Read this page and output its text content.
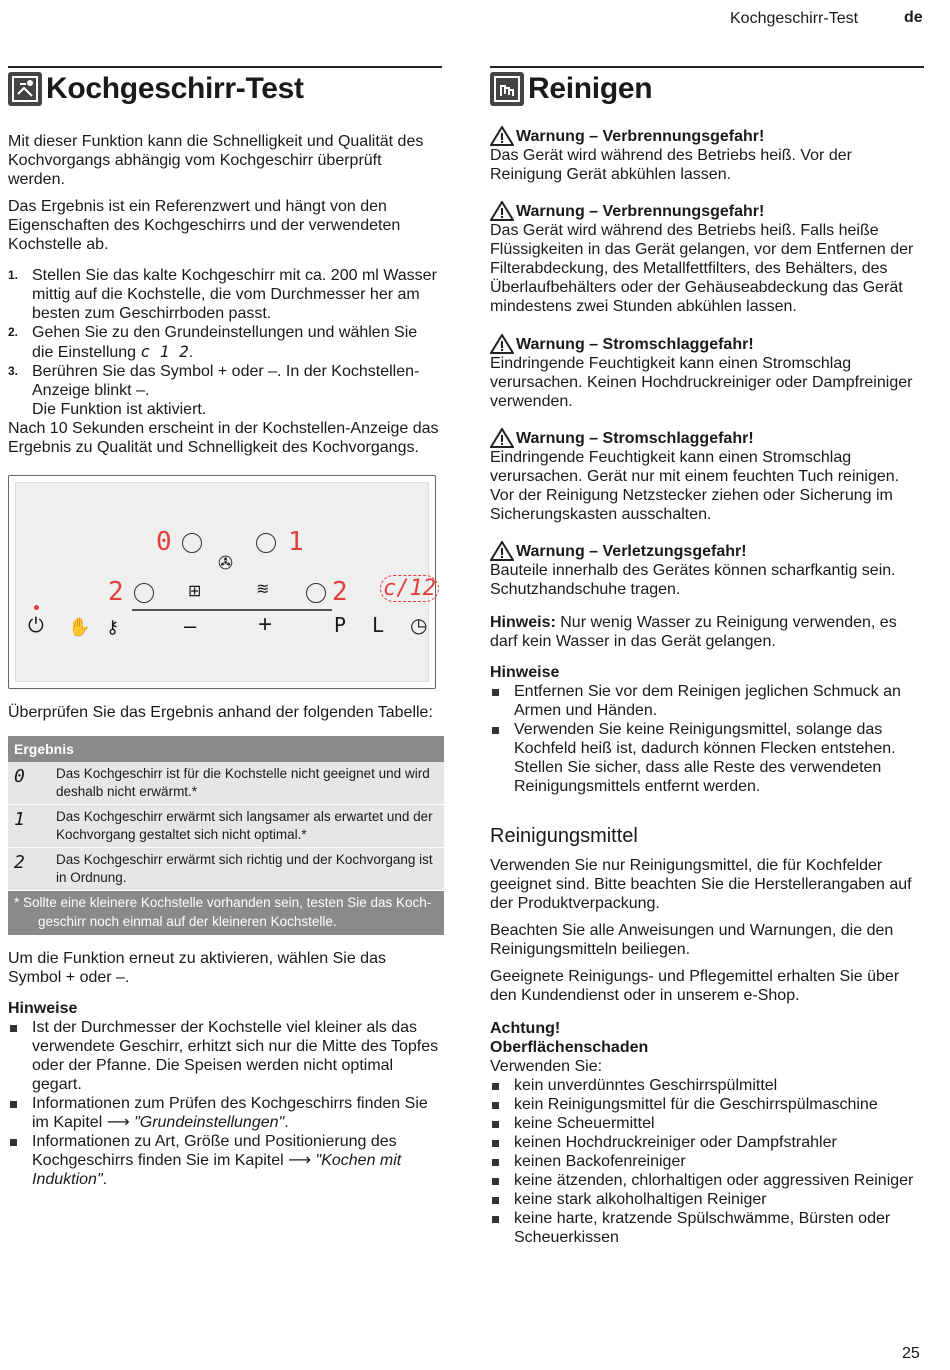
Kochgeschirr-Test	de
Kochgeschirr-Test

Mit dieser Funktion kann die Schnelligkeit und Qualität des Kochvorgangs abhängig vom Kochgeschirr überprüft werden.

Das Ergebnis ist ein Referenzwert und hängt von den Eigenschaften des Kochgeschirrs und der verwendeten Kochstelle ab.

1. Stellen Sie das kalte Kochgeschirr mit ca. 200 ml Wasser mittig auf die Kochstelle, die vom Durchmesser her am besten zum Geschirrboden passt.
2. Gehen Sie zu den Grundeinstellungen und wählen Sie die Einstellung c 1 2.
3. Berühren Sie das Symbol + oder –. In der Kochstellen-Anzeige blinkt –.
Die Funktion ist aktiviert.

Nach 10 Sekunden erscheint in der Kochstellen-Anzeige das Ergebnis zu Qualität und Schnelligkeit des Kochvorgangs.

0
✇
1
2	⊞	≋ 2 c/12
⏻ ✋ ⚷	–	+	P L ◷

Überprüfen Sie das Ergebnis anhand der folgenden Tabelle:

Ergebnis
0	Das Kochgeschirr ist für die Kochstelle nicht geeignet und wird deshalb nicht erwärmt.*
1	Das Kochgeschirr erwärmt sich langsamer als erwartet und der Kochvorgang gestaltet sich nicht optimal.*
2	Das Kochgeschirr erwärmt sich richtig und der Kochvorgang ist in Ordnung.
* Sollte eine kleinere Kochstelle vorhanden sein, testen Sie das Koch-
geschirr noch einmal auf der kleineren Kochstelle.

Um die Funktion erneut zu aktivieren, wählen Sie das Symbol + oder –.

Hinweise
Ist der Durchmesser der Kochstelle viel kleiner als das verwendete Geschirr, erhitzt sich nur die Mitte des Topfes oder der Pfanne. Die Speisen werden nicht optimal gegart.
Informationen zum Prüfen des Kochgeschirrs finden Sie im Kapitel ⟶ "Grundeinstellungen".
Informationen zu Art, Größe und Positionierung des Kochgeschirrs finden Sie im Kapitel ⟶ "Kochen mit Induktion".
Reinigen
Warnung – Verbrennungsgefahr!

Das Gerät wird während des Betriebs heiß. Vor der Reinigung Gerät abkühlen lassen.

Warnung – Verbrennungsgefahr!

Das Gerät wird während des Betriebs heiß. Falls heiße Flüssigkeiten in das Gerät gelangen, vor dem Entfernen der Filterabdeckung, des Metallfettfilters, des Behälters, des Überlaufbehälters oder der Gehäuseabdeckung das Gerät mindestens zwei Stunden abkühlen lassen.

Warnung – Stromschlaggefahr!

Eindringende Feuchtigkeit kann einen Stromschlag verursachen. Keinen Hochdruckreiniger oder Dampfreiniger verwenden.

Warnung – Stromschlaggefahr!

Eindringende Feuchtigkeit kann einen Stromschlag verursachen. Gerät nur mit einem feuchten Tuch reinigen. Vor der Reinigung Netzstecker ziehen oder Sicherung im Sicherungskasten ausschalten.

Warnung – Verletzungsgefahr!

Bauteile innerhalb des Gerätes können scharfkantig sein. Schutzhandschuhe tragen.

Hinweis: Nur wenig Wasser zu Reinigung verwenden, es darf kein Wasser in das Gerät gelangen.

Hinweise
Entfernen Sie vor dem Reinigen jeglichen Schmuck an Armen und Händen.
Verwenden Sie keine Reinigungsmittel, solange das Kochfeld heiß ist, dadurch können Flecken entstehen. Stellen Sie sicher, dass alle Reste des verwendeten Reinigungsmittels entfernt werden.
Reinigungsmittel

Verwenden Sie nur Reinigungsmittel, die für Kochfelder geeignet sind. Bitte beachten Sie die Herstellerangaben auf der Produktverpackung.

Beachten Sie alle Anweisungen und Warnungen, die den Reinigungsmitteln beiliegen.

Geeignete Reinigungs- und Pflegemittel erhalten Sie über den Kundendienst oder in unserem e-Shop.

Achtung!
Oberflächenschaden

Verwenden Sie:

kein unverdünntes Geschirrspülmittel
kein Reinigungsmittel für die Geschirrspülmaschine
keine Scheuermittel
keinen Hochdruckreiniger oder Dampfstrahler
keinen Backofenreiniger
keine ätzenden, chlorhaltigen oder aggressiven Reiniger
keine stark alkoholhaltigen Reiniger
keine harte, kratzende Spülschwämme, Bürsten oder Scheuerkissen
25
